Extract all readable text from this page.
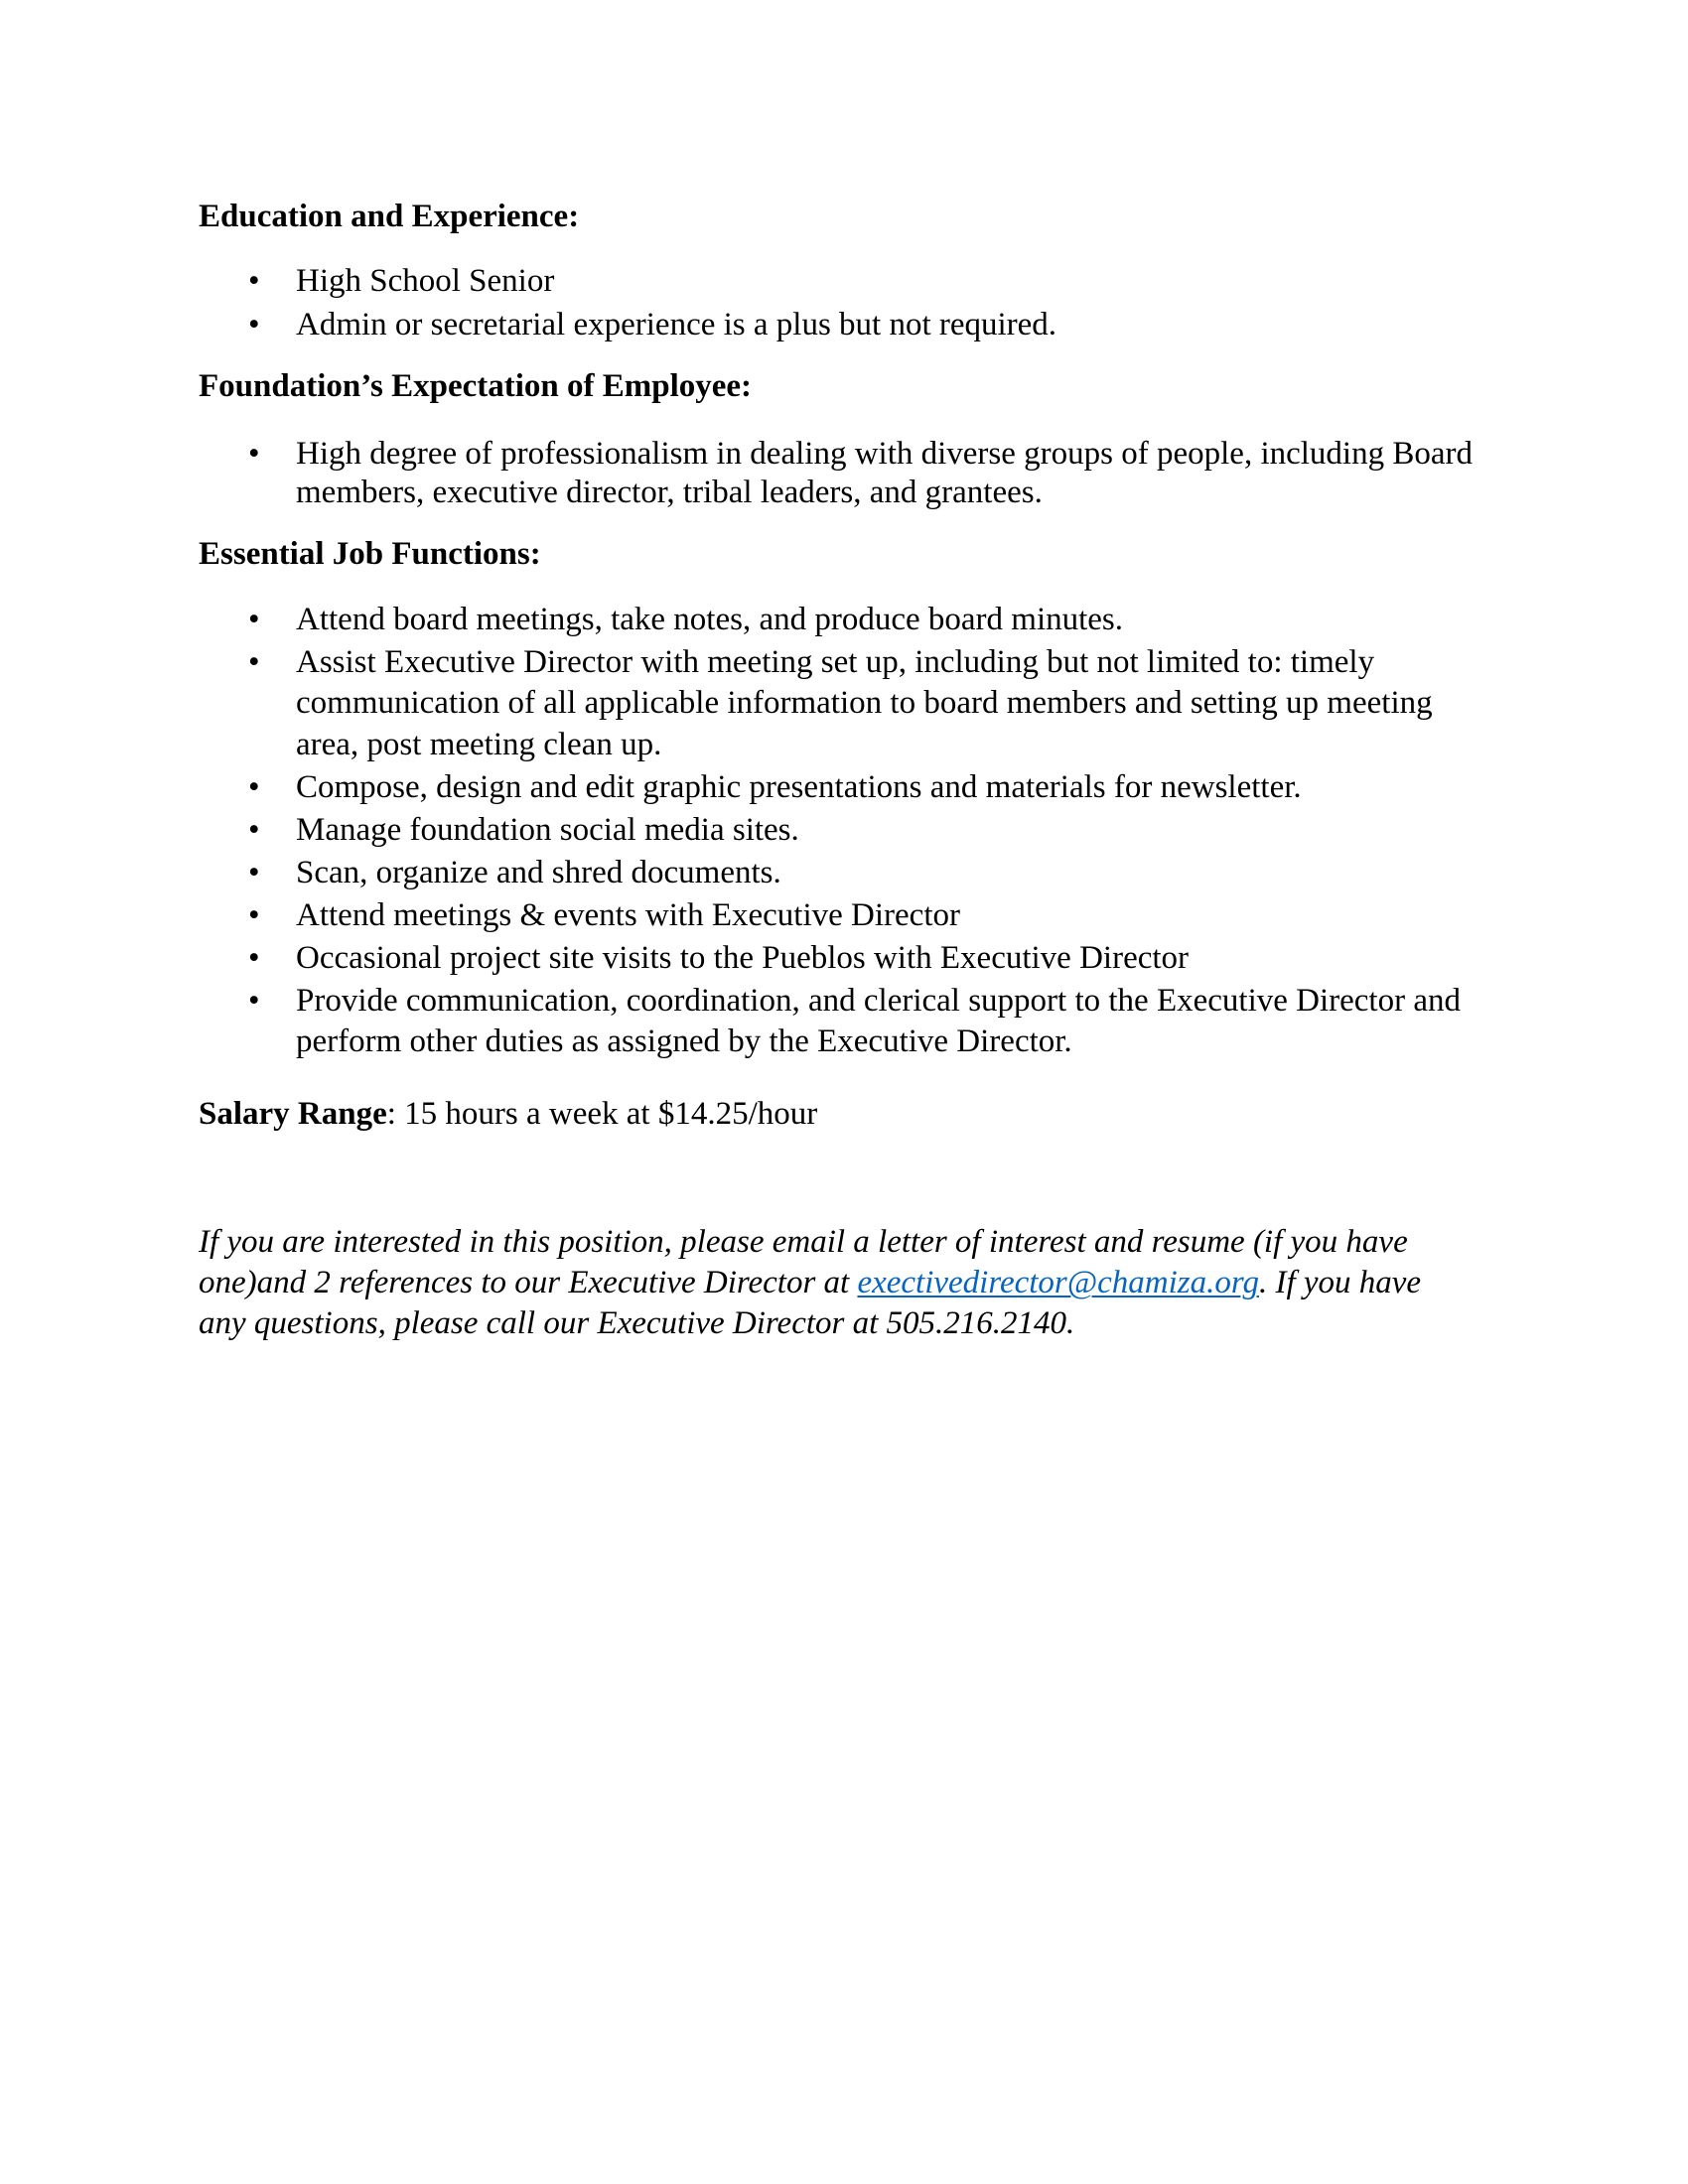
Education and Experience:
• High School Senior
• Admin or secretarial experience is a plus but not required.
Foundation’s Expectation of Employee:
• High degree of professionalism in dealing with diverse groups of people, including Board
members, executive director, tribal leaders, and grantees.
Essential Job Functions:
• Attend board meetings, take notes, and produce board minutes.
• Assist Executive Director with meeting set up, including but not limited to: timely
communication of all applicable information to board members and setting up meeting
area, post meeting clean up.
• Compose, design and edit graphic presentations and materials for newsletter.
• Manage foundation social media sites.
• Scan, organize and shred documents.
• Attend meetings & events with Executive Director
• Occasional project site visits to the Pueblos with Executive Director
• Provide communication, coordination, and clerical support to the Executive Director and
perform other duties as assigned by the Executive Director.
Salary Range: 15 hours a week at $14.25/hour
If you are interested in this position, please email a letter of interest and resume (if you have
one)and 2 references to our Executive Director at exectivedirector@chamiza.org. If you have
any questions, please call our Executive Director at 505.216.2140.
